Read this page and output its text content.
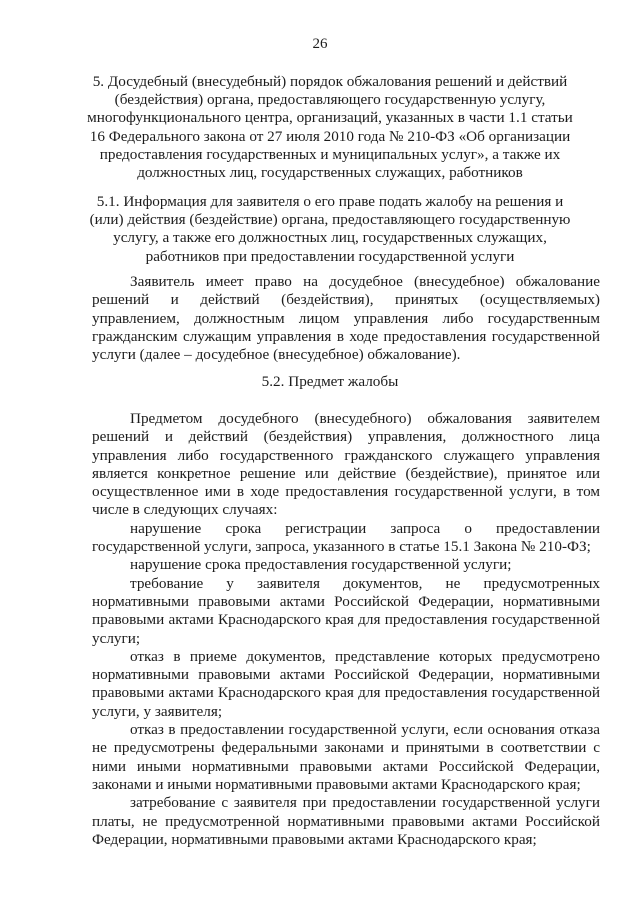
26
5. Досудебный (внесудебный) порядок обжалования решений и действий (бездействия) органа, предоставляющего государственную услугу, многофункционального центра, организаций, указанных в части 1.1 статьи 16 Федерального закона от 27 июля 2010 года № 210-ФЗ «Об организации предоставления государственных и муниципальных услуг», а также их должностных лиц, государственных служащих, работников
5.1. Информация для заявителя о его праве подать жалобу на решения и (или) действия (бездействие) органа, предоставляющего государственную услугу, а также его должностных лиц, государственных служащих, работников при предоставлении государственной услуги

Заявитель имеет право на досудебное (внесудебное) обжалование решений и действий (бездействия), принятых (осуществляемых) управлением, должностным лицом управления либо государственным гражданским служащим управления в ходе предоставления государственной услуги (далее – досудебное (внесудебное) обжалование).

5.2. Предмет жалобы

Предметом досудебного (внесудебного) обжалования заявителем решений и действий (бездействия) управления, должностного лица управления либо государственного гражданского служащего управления является конкретное решение или действие (бездействие), принятое или осуществленное ими в ходе предоставления государственной услуги, в том числе в следующих случаях:

нарушение срока регистрации запроса о предоставлении государственной услуги, запроса, указанного в статье 15.1 Закона № 210-ФЗ;

нарушение срока предоставления государственной услуги;

требование у заявителя документов, не предусмотренных нормативными правовыми актами Российской Федерации, нормативными правовыми актами Краснодарского края для предоставления государственной услуги;

отказ в приеме документов, представление которых предусмотрено нормативными правовыми актами Российской Федерации, нормативными правовыми актами Краснодарского края для предоставления государственной услуги, у заявителя;

отказ в предоставлении государственной услуги, если основания отказа не предусмотрены федеральными законами и принятыми в соответствии с ними иными нормативными правовыми актами Российской Федерации, законами и иными нормативными правовыми актами Краснодарского края;

затребование с заявителя при предоставлении государственной услуги платы, не предусмотренной нормативными правовыми актами Российской Федерации, нормативными правовыми актами Краснодарского края;
